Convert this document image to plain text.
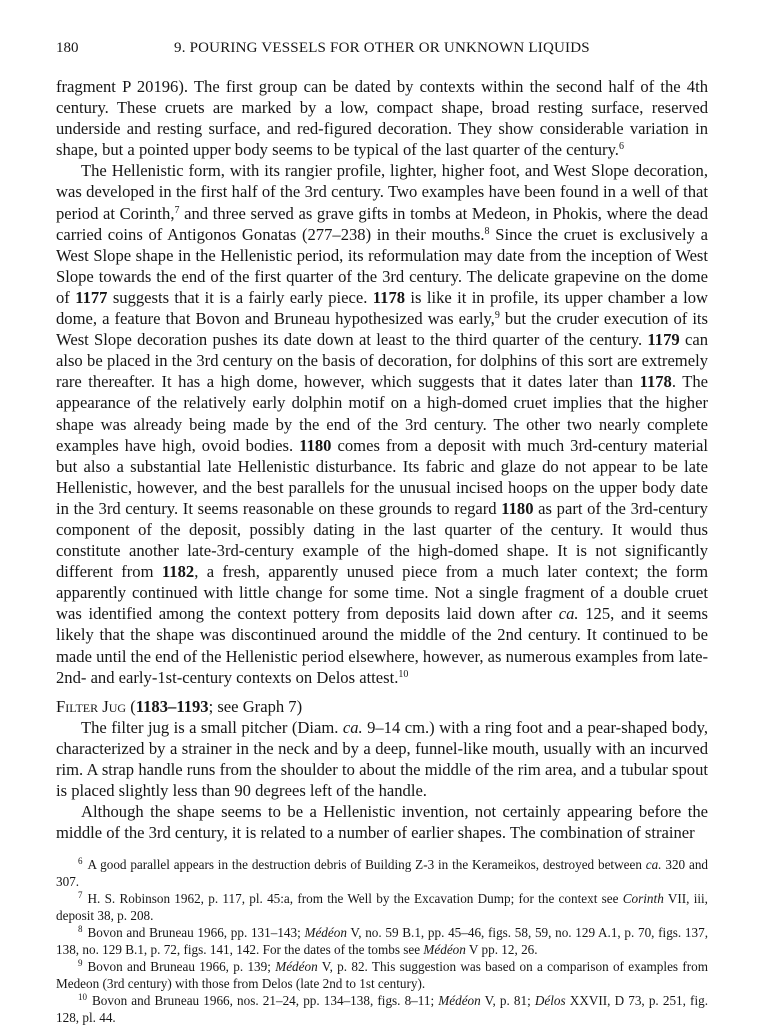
180	9. POURING VESSELS FOR OTHER OR UNKNOWN LIQUIDS

fragment P 20196). The first group can be dated by contexts within the second half of the 4th century. These cruets are marked by a low, compact shape, broad resting surface, reserved underside and resting surface, and red-figured decoration. They show considerable variation in shape, but a pointed upper body seems to be typical of the last quarter of the century.$^6$

The Hellenistic form, with its rangier profile, lighter, higher foot, and West Slope decoration, was developed in the first half of the 3rd century. Two examples have been found in a well of that period at Corinth,$^7$ and three served as grave gifts in tombs at Medeon, in Phokis, where the dead carried coins of Antigonos Gonatas (277–238) in their mouths.$^8$ Since the cruet is exclusively a West Slope shape in the Hellenistic period, its reformulation may date from the inception of West Slope towards the end of the first quarter of the 3rd century. The delicate grapevine on the dome of 1177 suggests that it is a fairly early piece. 1178 is like it in profile, its upper chamber a low dome, a feature that Bovon and Bruneau hypothesized was early,$^9$ but the cruder execution of its West Slope decoration pushes its date down at least to the third quarter of the century. 1179 can also be placed in the 3rd century on the basis of decoration, for dolphins of this sort are extremely rare thereafter. It has a high dome, however, which suggests that it dates later than 1178. The appearance of the relatively early dolphin motif on a high-domed cruet implies that the higher shape was already being made by the end of the 3rd century. The other two nearly complete examples have high, ovoid bodies. 1180 comes from a deposit with much 3rd-century material but also a substantial late Hellenistic disturbance. Its fabric and glaze do not appear to be late Hellenistic, however, and the best parallels for the unusual incised hoops on the upper body date in the 3rd century. It seems reasonable on these grounds to regard 1180 as part of the 3rd-century component of the deposit, possibly dating in the last quarter of the century. It would thus constitute another late-3rd-century example of the high-domed shape. It is not significantly different from 1182, a fresh, apparently unused piece from a much later context; the form apparently continued with little change for some time. Not a single fragment of a double cruet was identified among the context pottery from deposits laid down after ca. 125, and it seems likely that the shape was discontinued around the middle of the 2nd century. It continued to be made until the end of the Hellenistic period elsewhere, however, as numerous examples from late-2nd- and early-1st-century contexts on Delos attest.$^{10}$

Filter Jug (1183–1193; see Graph 7)

The filter jug is a small pitcher (Diam. ca. 9–14 cm.) with a ring foot and a pear-shaped body, characterized by a strainer in the neck and by a deep, funnel-like mouth, usually with an incurved rim. A strap handle runs from the shoulder to about the middle of the rim area, and a tubular spout is placed slightly less than 90 degrees left of the handle.

Although the shape seems to be a Hellenistic invention, not certainly appearing before the middle of the 3rd century, it is related to a number of earlier shapes. The combination of strainer

$^6$ A good parallel appears in the destruction debris of Building Z-3 in the Kerameikos, destroyed between ca. 320 and 307.

$^7$ H. S. Robinson 1962, p. 117, pl. 45:a, from the Well by the Excavation Dump; for the context see Corinth VII, iii, deposit 38, p. 208.

$^8$ Bovon and Bruneau 1966, pp. 131–143; Médéon V, no. 59 B.1, pp. 45–46, figs. 58, 59, no. 129 A.1, p. 70, figs. 137, 138, no. 129 B.1, p. 72, figs. 141, 142. For the dates of the tombs see Médéon V pp. 12, 26.

$^9$ Bovon and Bruneau 1966, p. 139; Médéon V, p. 82. This suggestion was based on a comparison of examples from Medeon (3rd century) with those from Delos (late 2nd to 1st century).

$^{10}$ Bovon and Bruneau 1966, nos. 21–24, pp. 134–138, figs. 8–11; Médéon V, p. 81; Délos XXVII, D 73, p. 251, fig. 128, pl. 44.
